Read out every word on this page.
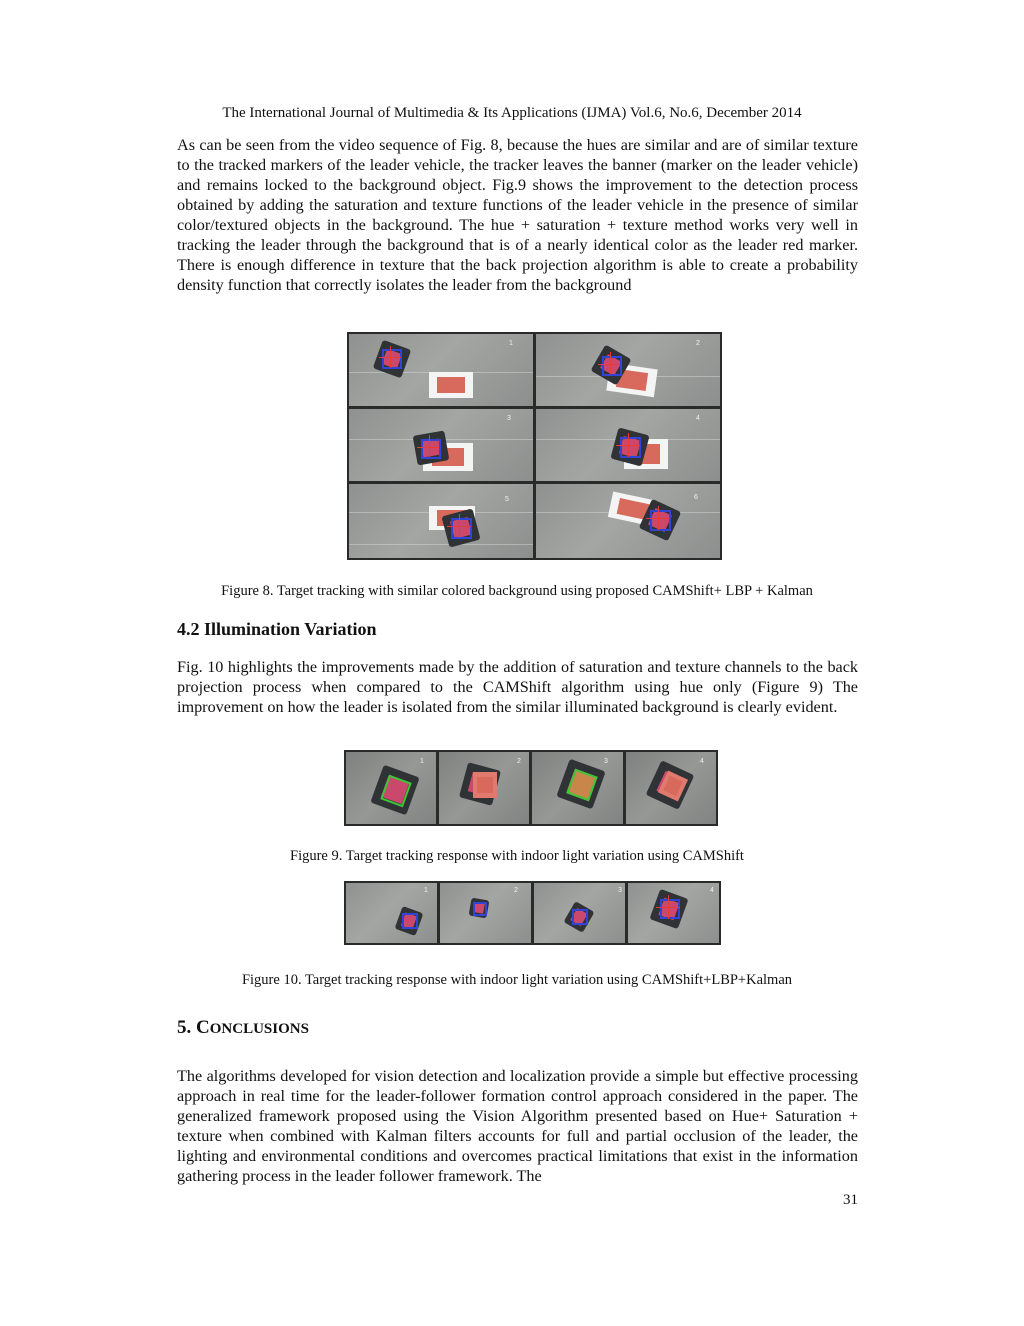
The International Journal of Multimedia & Its Applications (IJMA) Vol.6, No.6, December 2014
As can be seen from the video sequence of Fig. 8, because the hues are similar and are of similar texture to the tracked markers of the leader vehicle, the tracker leaves the banner (marker on the leader vehicle) and remains locked to the background object. Fig.9 shows the improvement to the detection process obtained by adding the saturation and texture functions of the leader vehicle in the presence of similar color/textured objects in the background. The hue + saturation + texture method works very well in tracking the leader through the background that is of a nearly identical color as the leader red marker. There is enough difference in texture that the back projection algorithm is able to create a probability density function that correctly isolates the leader from the background
1	2
3	4
5	6
Figure 8. Target tracking with similar colored background using proposed CAMShift+ LBP + Kalman
4.2 Illumination Variation
Fig. 10 highlights the improvements made by the addition of saturation and texture channels to the back projection process when compared to the CAMShift algorithm using hue only (Figure 9) The improvement on how the leader is isolated from the similar illuminated background is clearly evident.
1	2	3	4
Figure 9. Target tracking response with indoor light variation using CAMShift
1	2	3	4
Figure 10. Target tracking response with indoor light variation using CAMShift+LBP+Kalman
5. CONCLUSIONS
The algorithms developed for vision detection and localization provide a simple but effective processing approach in real time for the leader-follower formation control approach considered in the paper. The generalized framework proposed using the Vision Algorithm presented based on Hue+ Saturation + texture when combined with Kalman filters accounts for full and partial occlusion of the leader, the lighting and environmental conditions and overcomes practical limitations that exist in the information gathering process in the leader follower framework. The
31
